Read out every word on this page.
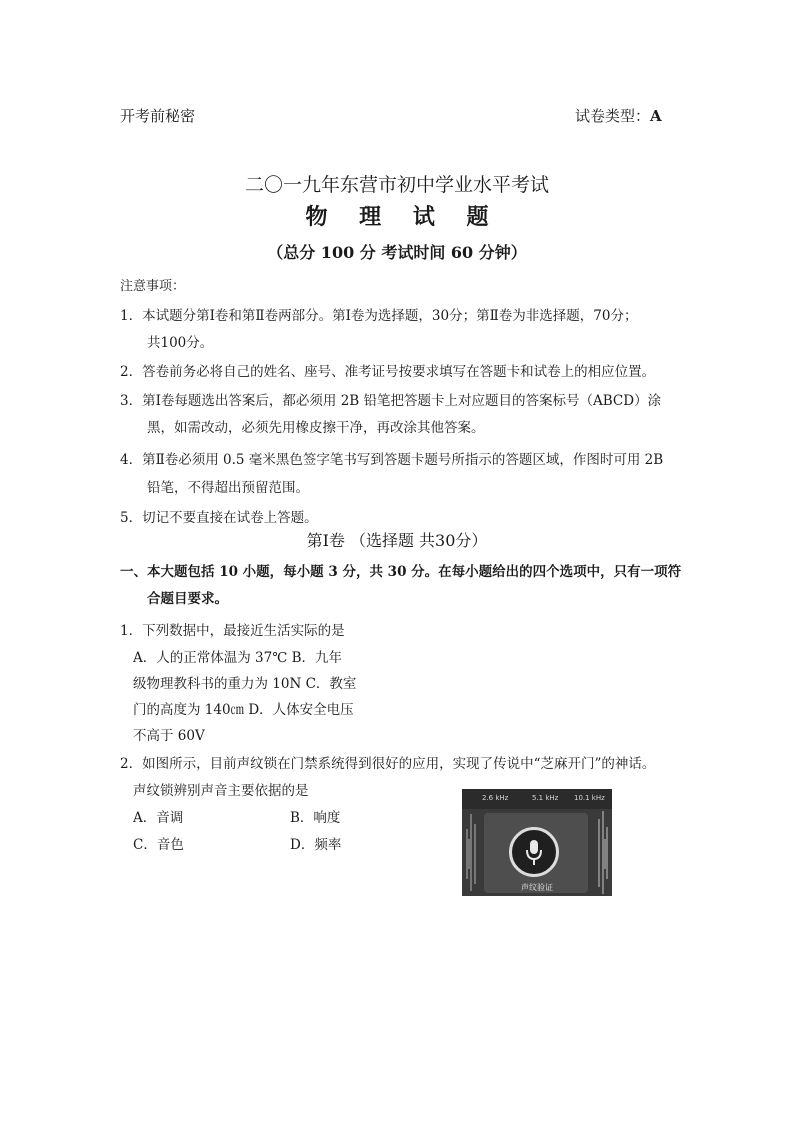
开考前秘密	试卷类型：A
二〇一九年东营市初中学业水平考试
物 理 试 题
（总分 100 分 考试时间 60 分钟）
注意事项：
1．本试题分第Ⅰ卷和第Ⅱ卷两部分。第Ⅰ卷为选择题，30分；第Ⅱ卷为非选择题，70分；
共100分。
2．答卷前务必将自己的姓名、座号、准考证号按要求填写在答题卡和试卷上的相应位置。
3．第Ⅰ卷每题选出答案后，都必须用 2B 铅笔把答题卡上对应题目的答案标号（ABCD）涂
黑，如需改动，必须先用橡皮擦干净，再改涂其他答案。
4．第Ⅱ卷必须用 0.5 毫米黑色签字笔书写到答题卡题号所指示的答题区域，作图时可用 2B
铅笔，不得超出预留范围。
5．切记不要直接在试卷上答题。
第Ⅰ卷 （选择题 共30分）
一、本大题包括 10 小题，每小题 3 分，共 30 分。在每小题给出的四个选项中，只有一项符
合题目要求。
1．下列数据中，最接近生活实际的是
A．人的正常体温为 37℃ B．九年
级物理教科书的重力为 10N C．教室
门的高度为 140㎝ D．人体安全电压
不高于 60V
2．如图所示，目前声纹锁在门禁系统得到很好的应用，实现了传说中“芝麻开门”的神话。
声纹锁辨别声音主要依据的是
A．音调	B．响度
C．音色	D．频率
2.6 kHz	5.1 kHz 10.1 kHz
声纹验证
